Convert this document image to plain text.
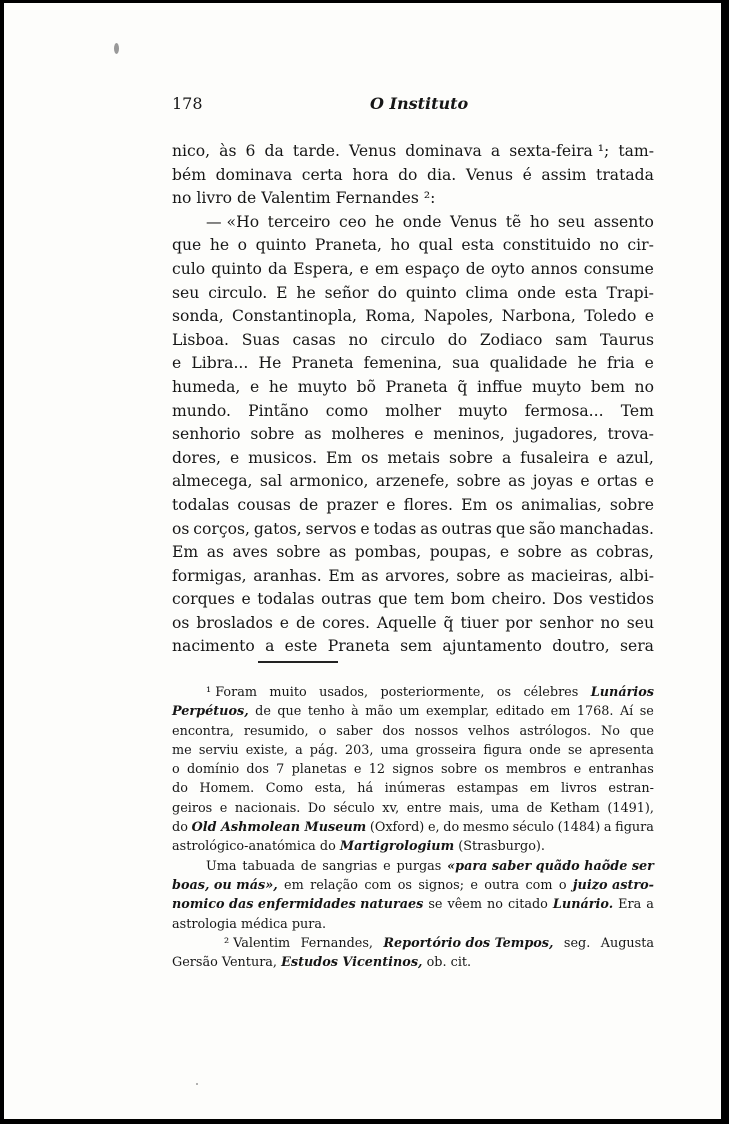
178	O Instituto
nico, às 6 da tarde. Venus dominava a sexta-feira ¹; tam-
bém dominava certa hora do dia. Venus é assim tratada
no livro de Valentim Fernandes ²:
— «Ho terceiro ceo he onde Venus tẽ ho seu assento
que he o quinto Praneta, ho qual esta constituido no cir-
culo quinto da Espera, e em espaço de oyto annos consume
seu circulo. E he señor do quinto clima onde esta Trapi-
sonda, Constantinopla, Roma, Napoles, Narbona, Toledo e
Lisboa. Suas casas no circulo do Zodiaco sam Taurus
e Libra... He Praneta femenina, sua qualidade he fria e
humeda, e he muyto bõ Praneta q̃ inffue muyto bem no
mundo. Pintãno como molher muyto fermosa... Tem
senhorio sobre as molheres e meninos, jugadores, trova-
dores, e musicos. Em os metais sobre a fusaleira e azul,
almecega, sal armonico, arzenefe, sobre as joyas e ortas e
todalas cousas de prazer e flores. Em os animalias, sobre
os corços, gatos, servos e todas as outras que são manchadas.
Em as aves sobre as pombas, poupas, e sobre as cobras,
formigas, aranhas. Em as arvores, sobre as macieiras, albi-
corques e todalas outras que tem bom cheiro. Dos vestidos
os broslados e de cores. Aquelle q̃ tiuer por senhor no seu
nacimento a este Praneta sem ajuntamento doutro, sera
¹ Foram muito usados, posteriormente, os célebres Lunários
Perpétuos, de que tenho à mão um exemplar, editado em 1768. Aí se
encontra, resumido, o saber dos nossos velhos astrólogos. No que
me serviu existe, a pág. 203, uma grosseira figura onde se apresenta
o domínio dos 7 planetas e 12 signos sobre os membros e entranhas
do Homem. Como esta, há inúmeras estampas em livros estran-
geiros e nacionais. Do século xv, entre mais, uma de Ketham (1491),
do Old Ashmolean Museum (Oxford) e, do mesmo século (1484) a figura
astrológico-anatómica do Martigrologium (Strasburgo).
Uma tabuada de sangrias e purgas «para saber quãdo haõde ser
boas, ou más», em relação com os signos; e outra com o juizo astro-
nomico das enfermidades naturaes se vêem no citado Lunário. Era a
astrologia médica pura.
² Valentim Fernandes, Reportório dos Tempos, seg. Augusta
Gersão Ventura, Estudos Vicentinos, ob. cit.
